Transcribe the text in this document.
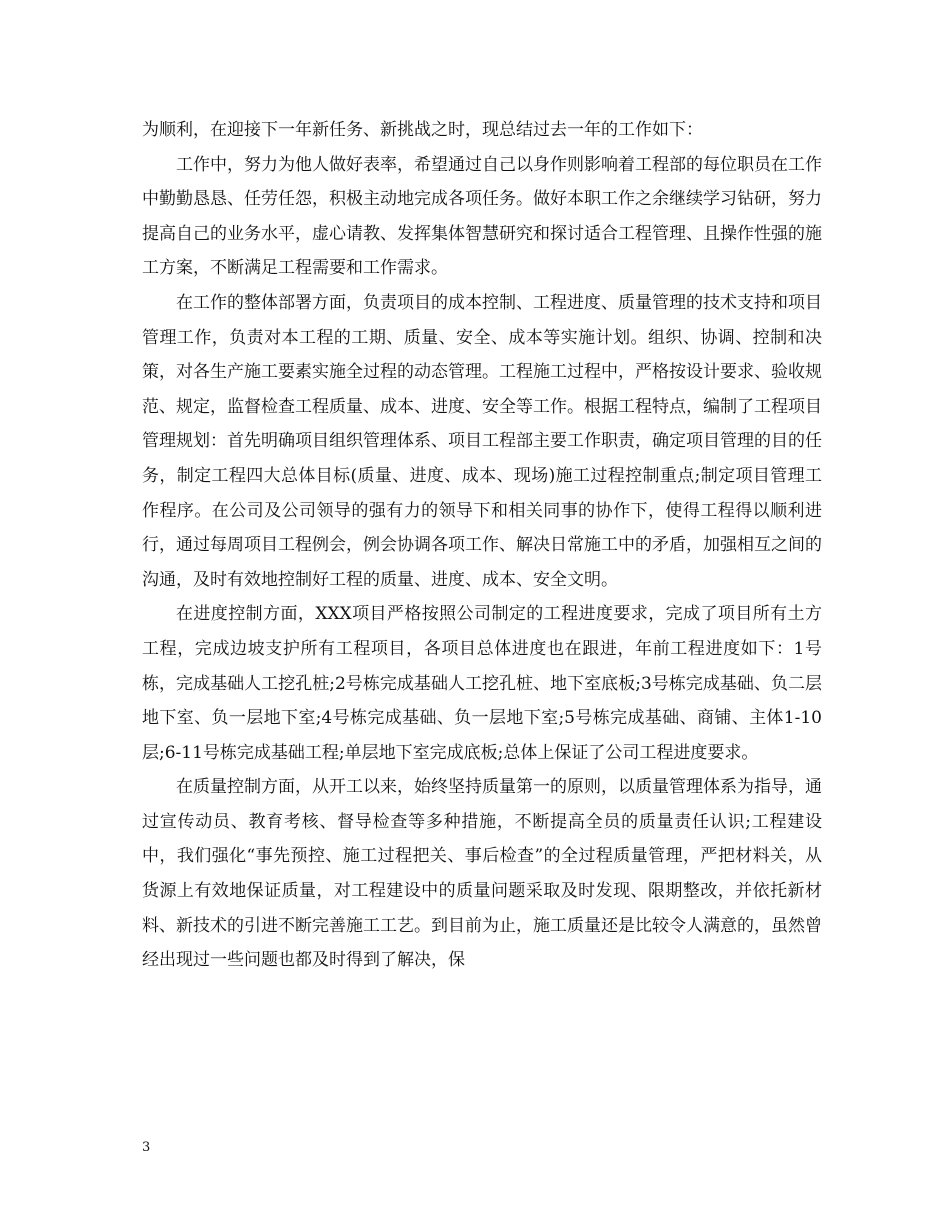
为顺利，在迎接下一年新任务、新挑战之时，现总结过去一年的工作如下：

工作中，努力为他人做好表率，希望通过自己以身作则影响着工程部的每位职员在工作中勤勤恳恳、任劳任怨，积极主动地完成各项任务。做好本职工作之余继续学习钻研，努力提高自己的业务水平，虚心请教、发挥集体智慧研究和探讨适合工程管理、且操作性强的施工方案，不断满足工程需要和工作需求。

在工作的整体部署方面，负责项目的成本控制、工程进度、质量管理的技术支持和项目管理工作，负责对本工程的工期、质量、安全、成本等实施计划。组织、协调、控制和决策，对各生产施工要素实施全过程的动态管理。工程施工过程中，严格按设计要求、验收规范、规定，监督检查工程质量、成本、进度、安全等工作。根据工程特点，编制了工程项目管理规划：首先明确项目组织管理体系、项目工程部主要工作职责，确定项目管理的目的任务，制定工程四大总体目标(质量、进度、成本、现场)施工过程控制重点;制定项目管理工作程序。在公司及公司领导的强有力的领导下和相关同事的协作下，使得工程得以顺利进行，通过每周项目工程例会，例会协调各项工作、解决日常施工中的矛盾，加强相互之间的沟通，及时有效地控制好工程的质量、进度、成本、安全文明。

在进度控制方面，XXX项目严格按照公司制定的工程进度要求，完成了项目所有土方工程，完成边坡支护所有工程项目，各项目总体进度也在跟进，年前工程进度如下：1号栋，完成基础人工挖孔桩;2号栋完成基础人工挖孔桩、地下室底板;3号栋完成基础、负二层地下室、负一层地下室;4号栋完成基础、负一层地下室;5号栋完成基础、商铺、主体1-10层;6-11号栋完成基础工程;单层地下室完成底板;总体上保证了公司工程进度要求。

在质量控制方面，从开工以来，始终坚持质量第一的原则，以质量管理体系为指导，通过宣传动员、教育考核、督导检查等多种措施，不断提高全员的质量责任认识;工程建设中，我们强化“事先预控、施工过程把关、事后检查”的全过程质量管理，严把材料关，从货源上有效地保证质量，对工程建设中的质量问题采取及时发现、限期整改，并依托新材料、新技术的引进不断完善施工工艺。到目前为止，施工质量还是比较令人满意的，虽然曾经出现过一些问题也都及时得到了解决，保

3
